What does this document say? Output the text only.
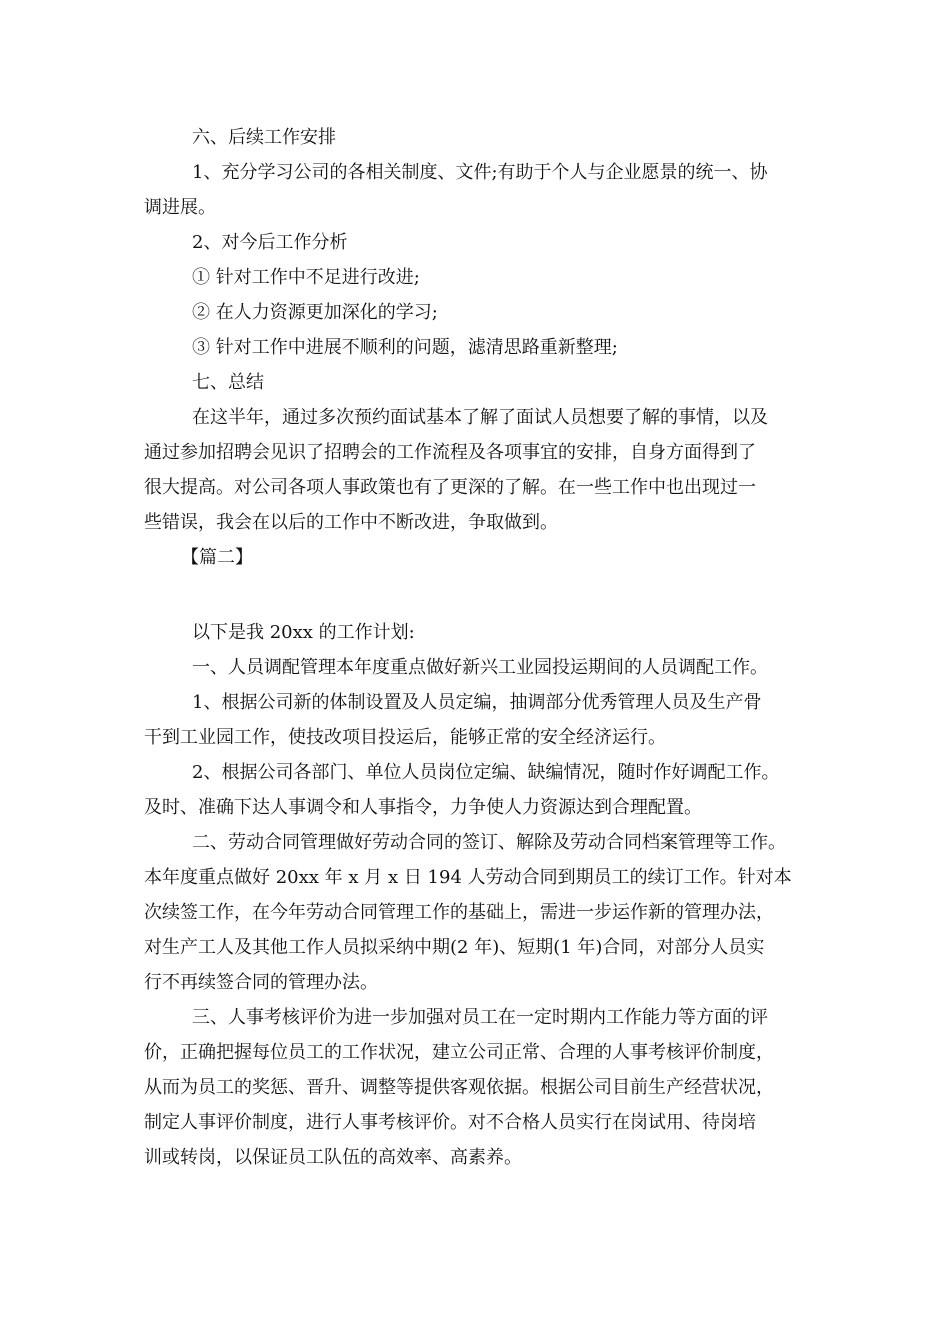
六、后续工作安排
1、充分学习公司的各相关制度、文件;有助于个人与企业愿景的统一、协
调进展。
2、对今后工作分析
① 针对工作中不足进行改进;
② 在人力资源更加深化的学习;
③ 针对工作中进展不顺利的问题，滤清思路重新整理;
七、总结
在这半年，通过多次预约面试基本了解了面试人员想要了解的事情，以及
通过参加招聘会见识了招聘会的工作流程及各项事宜的安排，自身方面得到了
很大提高。对公司各项人事政策也有了更深的了解。在一些工作中也出现过一
些错误，我会在以后的工作中不断改进，争取做到。
【篇二】
以下是我 20xx 的工作计划:
一、人员调配管理本年度重点做好新兴工业园投运期间的人员调配工作。
1、根据公司新的体制设置及人员定编，抽调部分优秀管理人员及生产骨
干到工业园工作，使技改项目投运后，能够正常的安全经济运行。
2、根据公司各部门、单位人员岗位定编、缺编情况，随时作好调配工作。
及时、准确下达人事调令和人事指令，力争使人力资源达到合理配置。
二、劳动合同管理做好劳动合同的签订、解除及劳动合同档案管理等工作。
本年度重点做好 20xx 年 x 月 x 日 194 人劳动合同到期员工的续订工作。针对本
次续签工作，在今年劳动合同管理工作的基础上，需进一步运作新的管理办法，
对生产工人及其他工作人员拟采纳中期(2 年)、短期(1 年)合同，对部分人员实
行不再续签合同的管理办法。
三、人事考核评价为进一步加强对员工在一定时期内工作能力等方面的评
价，正确把握每位员工的工作状况，建立公司正常、合理的人事考核评价制度，
从而为员工的奖惩、晋升、调整等提供客观依据。根据公司目前生产经营状况，
制定人事评价制度，进行人事考核评价。对不合格人员实行在岗试用、待岗培
训或转岗，以保证员工队伍的高效率、高素养。
